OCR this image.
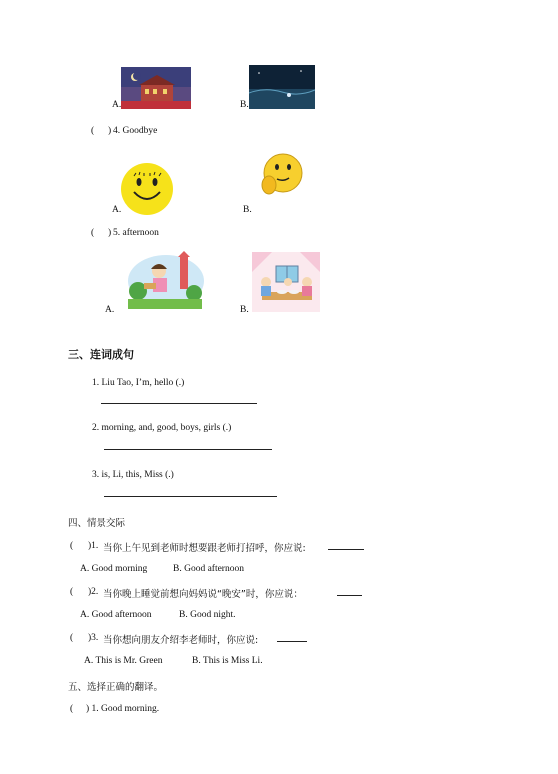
A.	B.
( ) 4. Goodbye
A.	B.
( ) 5. afternoon
A.	B.
三、连词成句
1. Liu Tao, I’m, hello (.)
2. morning, and, good, boys, girls (.)
3. is, Li, this, Miss (.)
四、情景交际
( )1. 当你上午见到老师时想要跟老师打招呼，你应说:
A. Good morning	B. Good afternoon
( )2. 当你晚上睡觉前想向妈妈说“晚安”时，你应说：
A. Good afternoon	B. Good night.
( )3. 当你想向朋友介绍李老师时，你应说:
A. This is Mr. Green	B. This is Miss Li.
五、选择正确的翻译。
( ) 1. Good morning.
